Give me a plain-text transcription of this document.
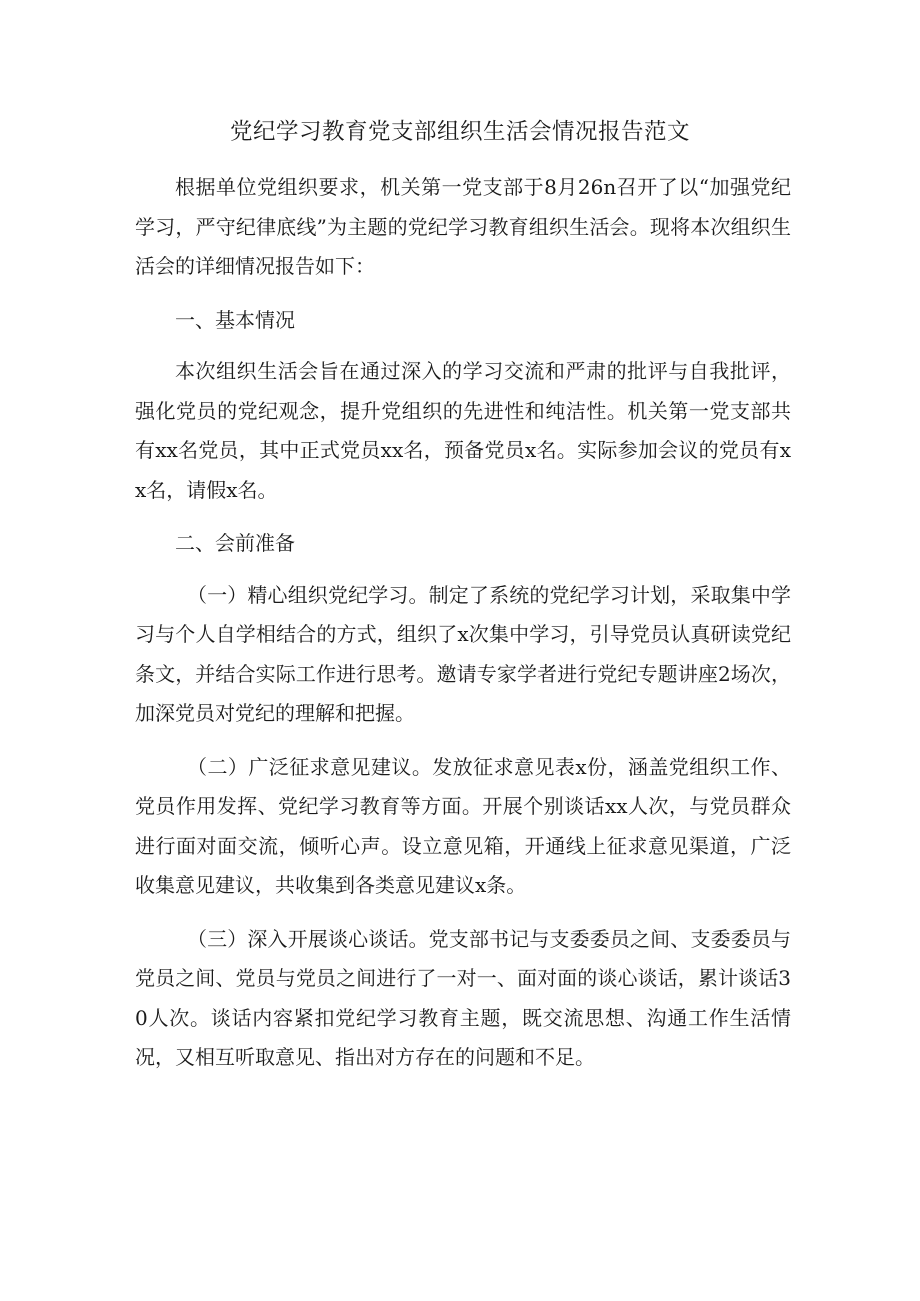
党纪学习教育党支部组织生活会情况报告范文

根据单位党组织要求，机关第一党支部于8月26n召开了以“加强党纪学习，严守纪律底线”为主题的党纪学习教育组织生活会。现将本次组织生活会的详细情况报告如下：

一、基本情况

本次组织生活会旨在通过深入的学习交流和严肃的批评与自我批评，强化党员的党纪观念，提升党组织的先进性和纯洁性。机关第一党支部共有xx名党员，其中正式党员xx名，预备党员x名。实际参加会议的党员有xx名，请假x名。

二、会前准备

（一）精心组织党纪学习。制定了系统的党纪学习计划，采取集中学习与个人自学相结合的方式，组织了x次集中学习，引导党员认真研读党纪条文，并结合实际工作进行思考。邀请专家学者进行党纪专题讲座2场次，加深党员对党纪的理解和把握。

（二）广泛征求意见建议。发放征求意见表x份，涵盖党组织工作、党员作用发挥、党纪学习教育等方面。开展个别谈话xx人次，与党员群众进行面对面交流，倾听心声。设立意见箱，开通线上征求意见渠道，广泛收集意见建议，共收集到各类意见建议x条。

（三）深入开展谈心谈话。党支部书记与支委委员之间、支委委员与党员之间、党员与党员之间进行了一对一、面对面的谈心谈话，累计谈话30人次。谈话内容紧扣党纪学习教育主题，既交流思想、沟通工作生活情况，又相互听取意见、指出对方存在的问题和不足。
